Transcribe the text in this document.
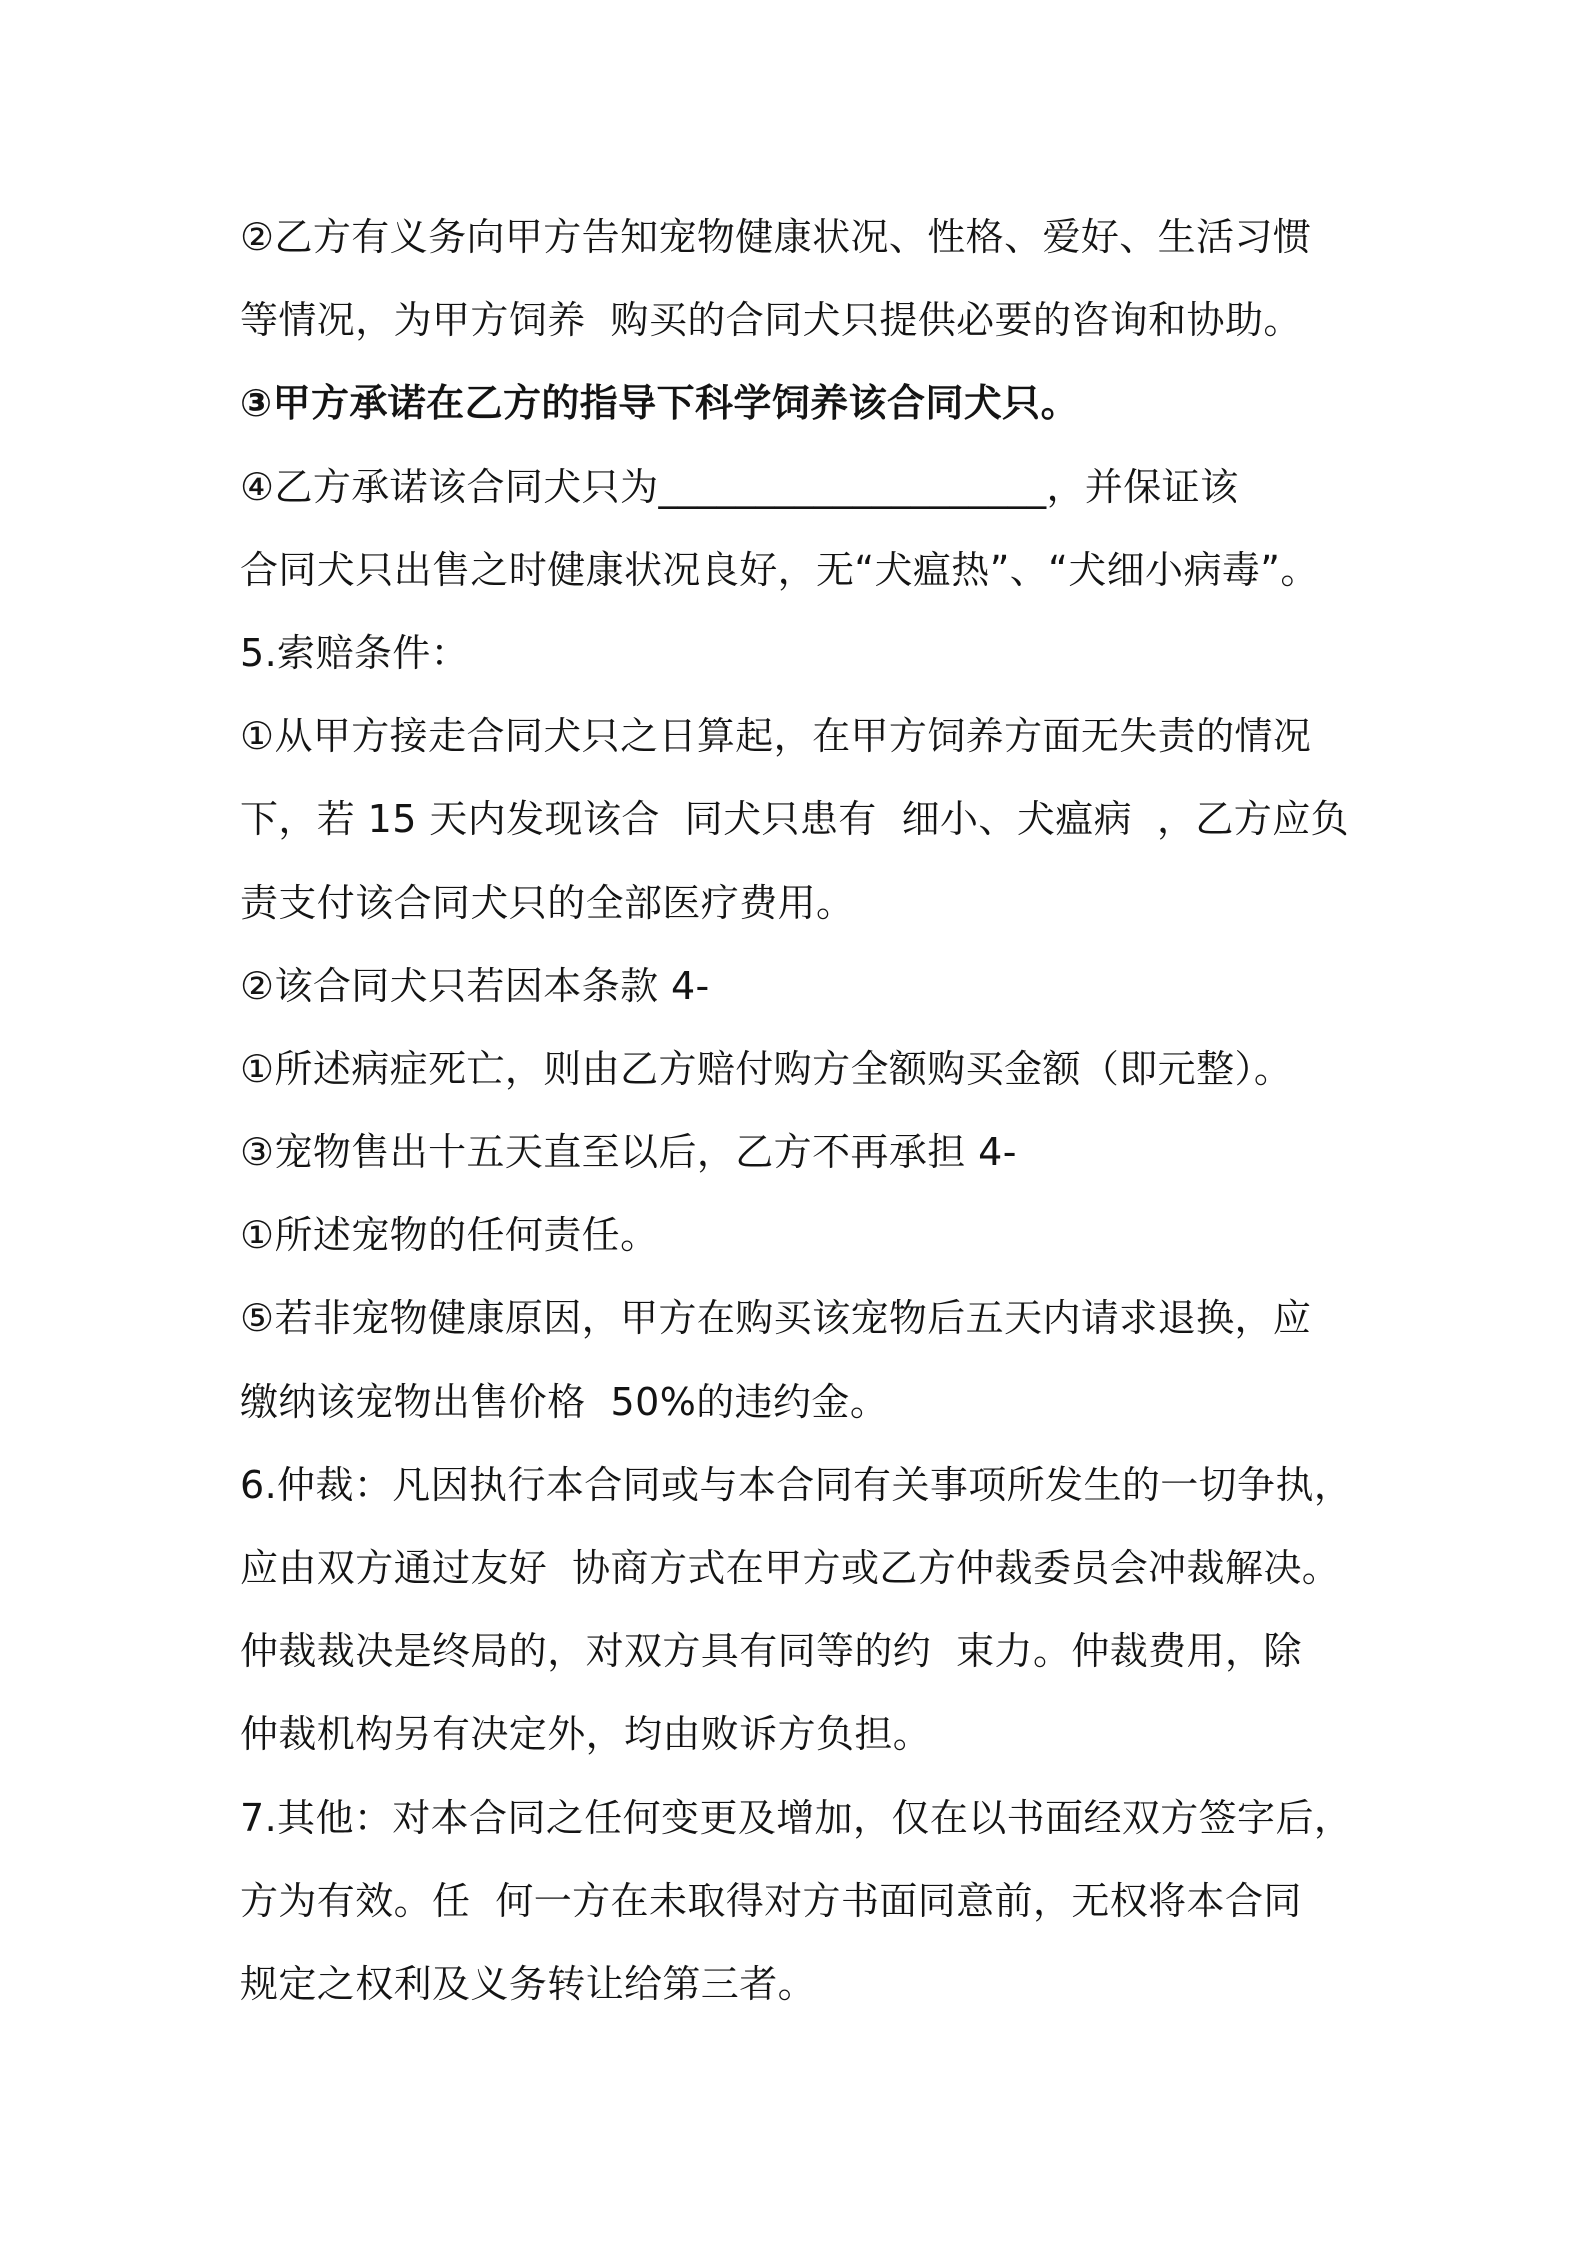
②乙方有义务向甲方告知宠物健康状况、性格、爱好、生活习惯
等情况，为甲方饲养  购买的合同犬只提供必要的咨询和协助。
③甲方承诺在乙方的指导下科学饲养该合同犬只。
④乙方承诺该合同犬只为____________________，并保证该
合同犬只出售之时健康状况良好，无“犬瘟热”、“犬细小病毒”。
5.索赔条件：
①从甲方接走合同犬只之日算起，在甲方饲养方面无失责的情况
下，若 15 天内发现该合  同犬只患有  细小、犬瘟病  ，乙方应负
责支付该合同犬只的全部医疗费用。
②该合同犬只若因本条款 4-
①所述病症死亡，则由乙方赔付购方全额购买金额（即元整）。
③宠物售出十五天直至以后，乙方不再承担 4-
①所述宠物的任何责任。
⑤若非宠物健康原因，甲方在购买该宠物后五天内请求退换，应
缴纳该宠物出售价格  50%的违约金。
6.仲裁：凡因执行本合同或与本合同有关事项所发生的一切争执，
应由双方通过友好  协商方式在甲方或乙方仲裁委员会冲裁解决。
仲裁裁决是终局的，对双方具有同等的约  束力。仲裁费用，除
仲裁机构另有决定外，均由败诉方负担。
7.其他：对本合同之任何变更及增加，仅在以书面经双方签字后，
方为有效。任  何一方在未取得对方书面同意前，无权将本合同
规定之权利及义务转让给第三者。
